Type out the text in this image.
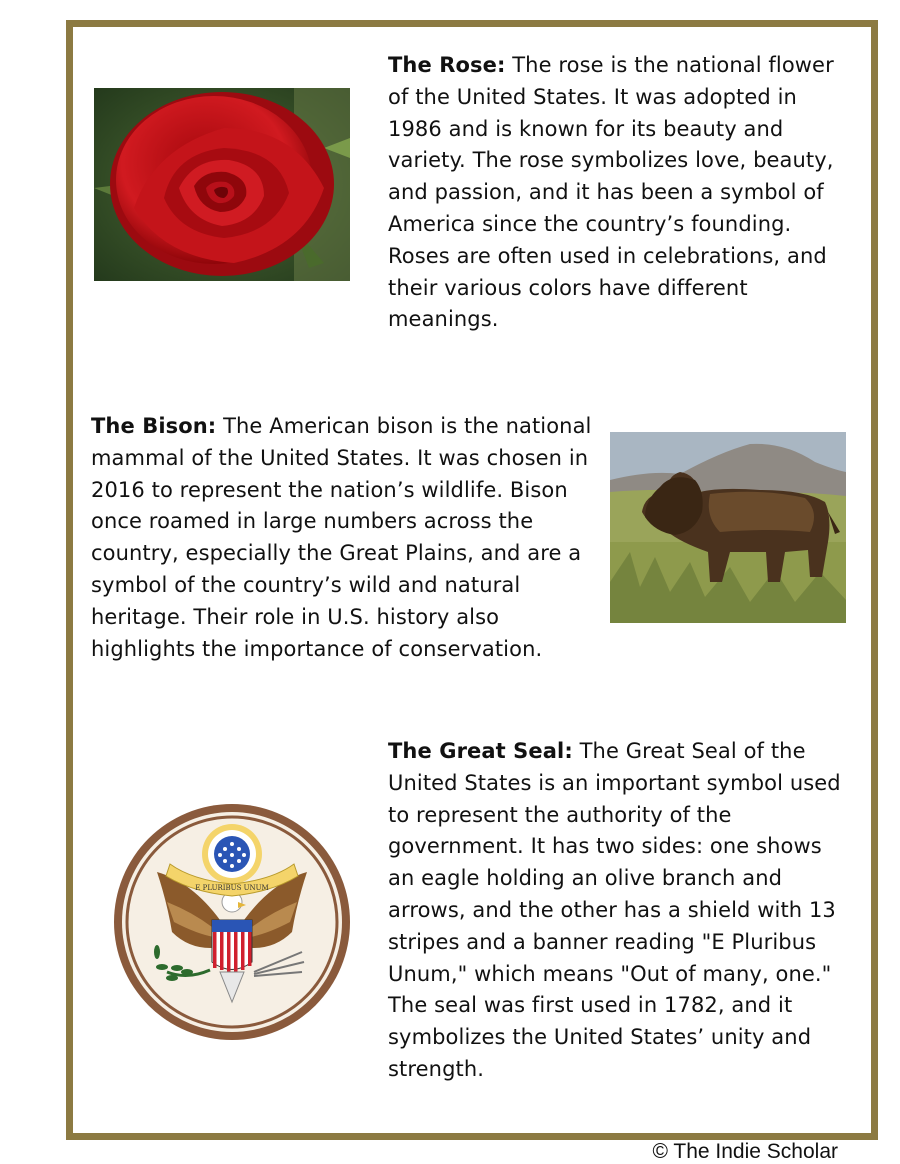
The Rose: The rose is the national flower of the United States. It was adopted in 1986 and is known for its beauty and variety. The rose symbolizes love, beauty, and passion, and it has been a symbol of America since the country’s founding. Roses are often used in celebrations, and their various colors have different meanings.
The Bison: The American bison is the national mammal of the United States. It was chosen in 2016 to represent the nation’s wildlife. Bison once roamed in large numbers across the country, especially the Great Plains, and are a symbol of the country’s wild and natural heritage. Their role in U.S. history also highlights the importance of conservation.
The Great Seal: The Great Seal of the United States is an important symbol used to represent the authority of the government. It has two sides: one shows an eagle holding an olive branch and arrows, and the other has a shield with 13 stripes and a banner reading "E Pluribus Unum," which means "Out of many, one." The seal was first used in 1782, and it symbolizes the United States’ unity and strength.
E PLURIBUS UNUM
© The Indie Scholar
